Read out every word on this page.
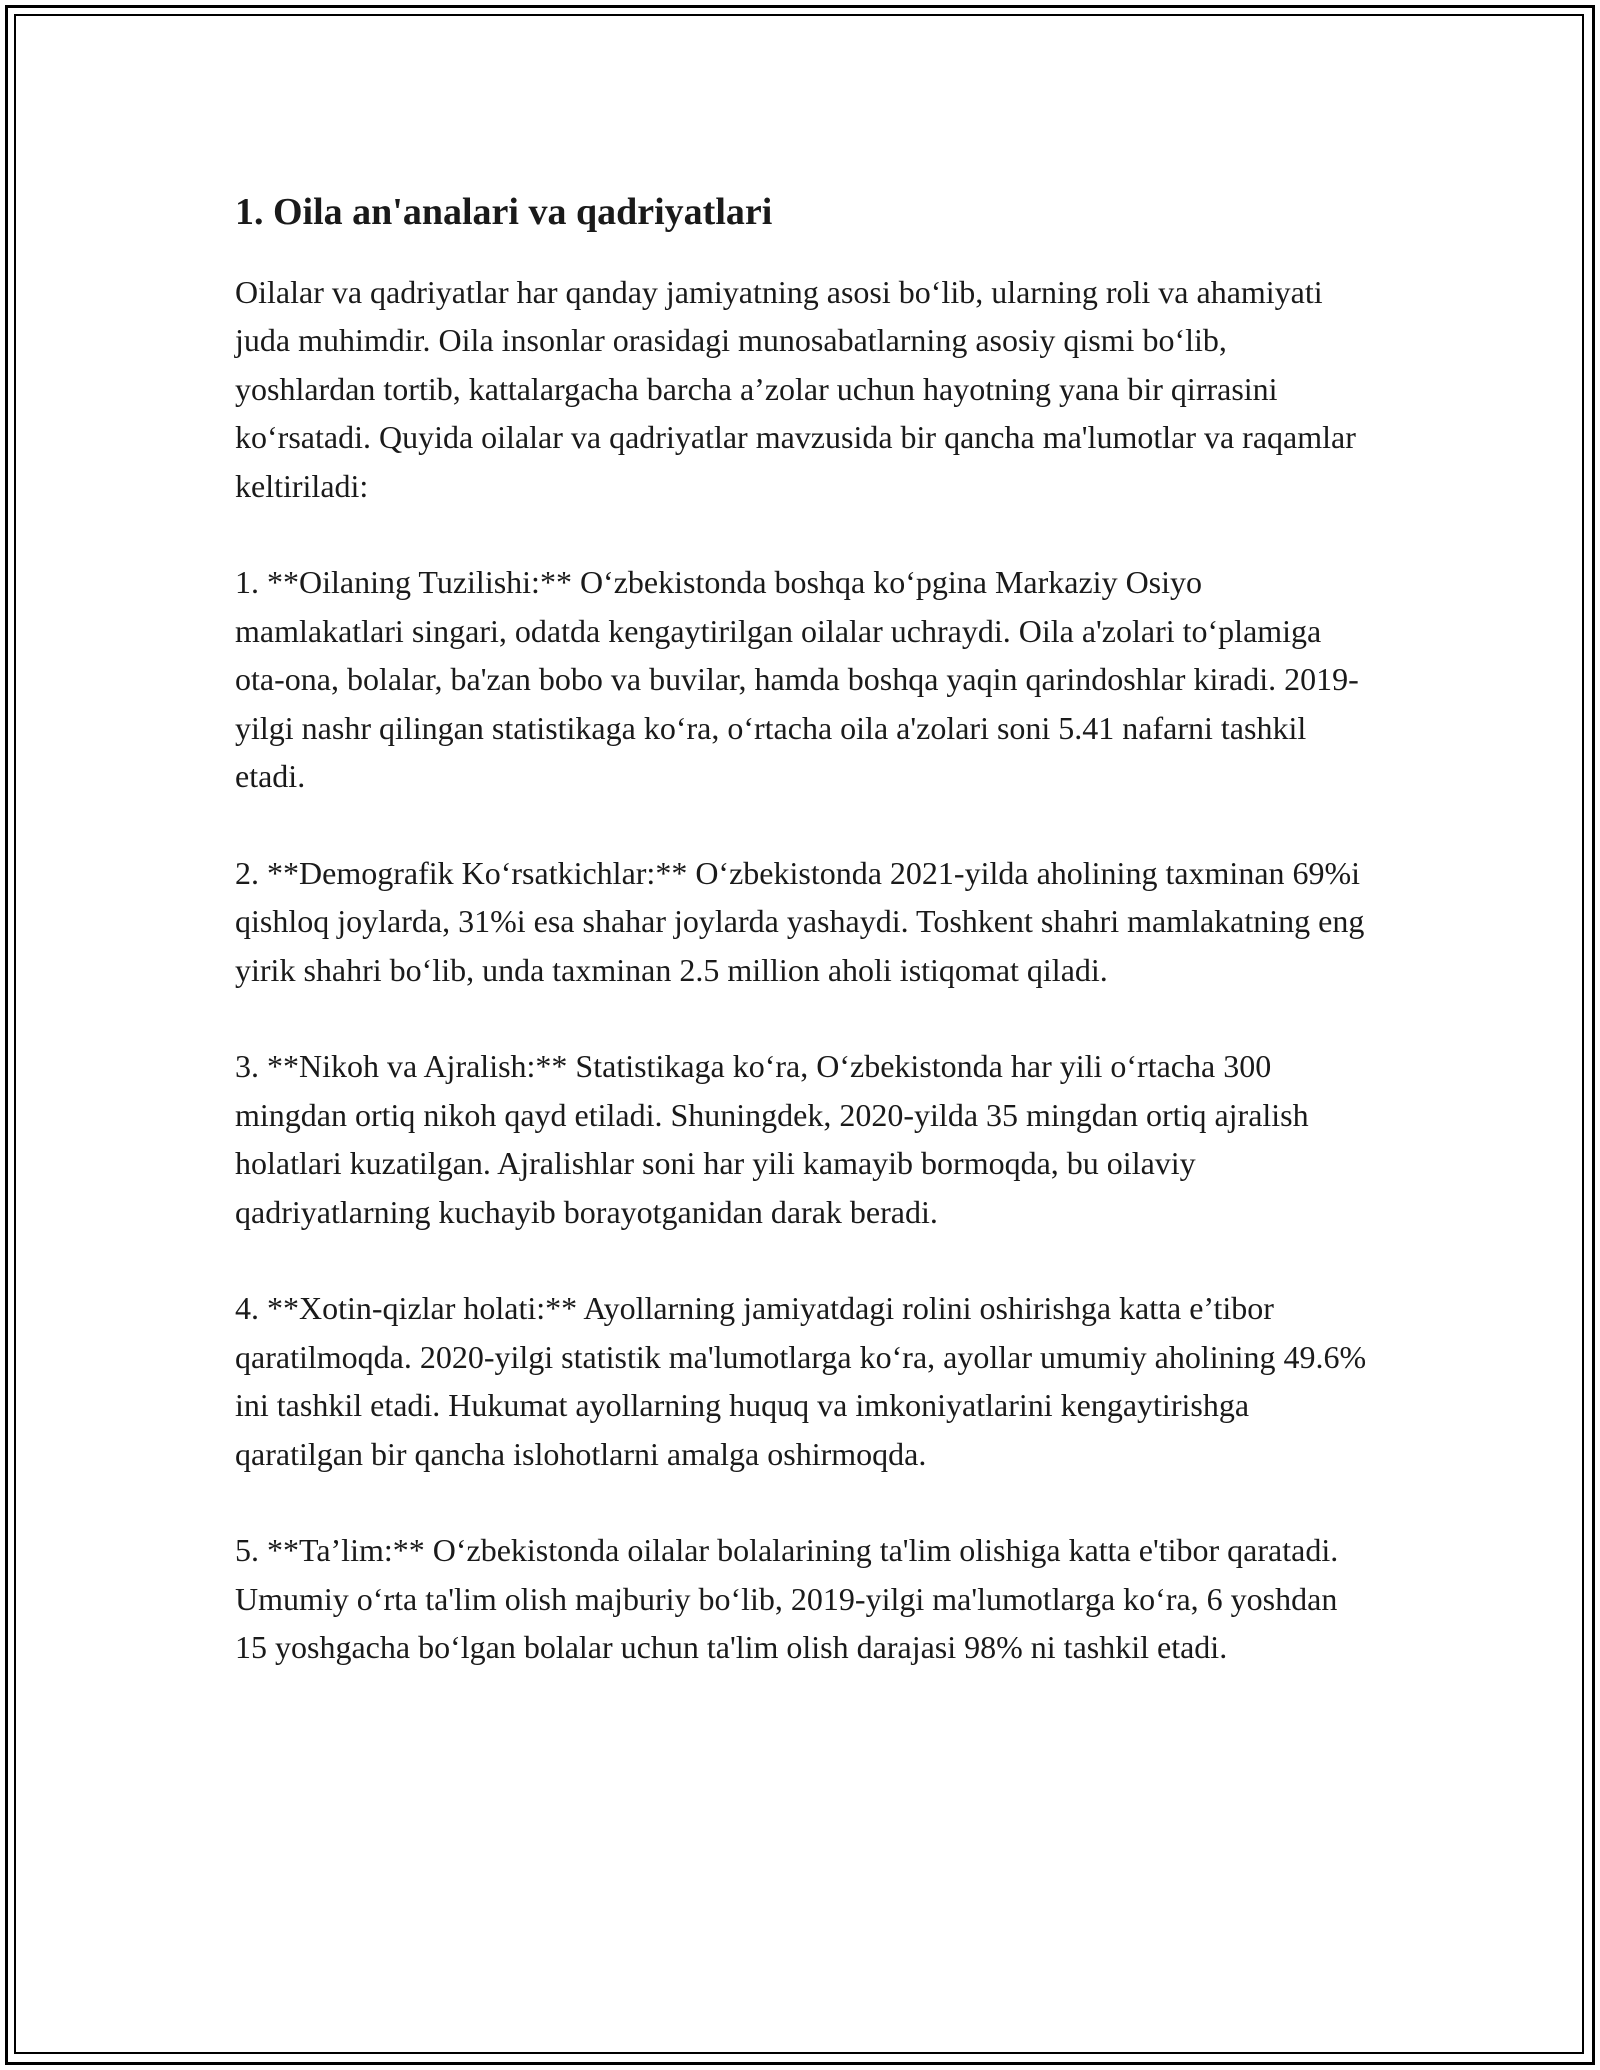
1. Oila an'analari va qadriyatlari

Oilalar va qadriyatlar har qanday jamiyatning asosi boʻlib, ularning roli va ahamiyati juda muhimdir. Oila insonlar orasidagi munosabatlarning asosiy qismi boʻlib, yoshlardan tortib, kattalargacha barcha a’zolar uchun hayotning yana bir qirrasini koʻrsatadi. Quyida oilalar va qadriyatlar mavzusida bir qancha ma'lumotlar va raqamlar keltiriladi:

1. **Oilaning Tuzilishi:** Oʻzbekistonda boshqa koʻpgina Markaziy Osiyo mamlakatlari singari, odatda kengaytirilgan oilalar uchraydi. Oila a'zolari toʻplamiga ota-ona, bolalar, ba'zan bobo va buvilar, hamda boshqa yaqin qarindoshlar kiradi. 2019-yilgi nashr qilingan statistikaga koʻra, oʻrtacha oila a'zolari soni 5.41 nafarni tashkil etadi.

2. **Demografik Koʻrsatkichlar:** Oʻzbekistonda 2021-yilda aholining taxminan 69%i qishloq joylarda, 31%i esa shahar joylarda yashaydi. Toshkent shahri mamlakatning eng yirik shahri boʻlib, unda taxminan 2.5 million aholi istiqomat qiladi.

3. **Nikoh va Ajralish:** Statistikaga koʻra, Oʻzbekistonda har yili oʻrtacha 300 mingdan ortiq nikoh qayd etiladi. Shuningdek, 2020-yilda 35 mingdan ortiq ajralish holatlari kuzatilgan. Ajralishlar soni har yili kamayib bormoqda, bu oilaviy qadriyatlarning kuchayib borayotganidan darak beradi.

4. **Xotin-qizlar holati:** Ayollarning jamiyatdagi rolini oshirishga katta e’tibor qaratilmoqda. 2020-yilgi statistik ma'lumotlarga koʻra, ayollar umumiy aholining 49.6% ini tashkil etadi. Hukumat ayollarning huquq va imkoniyatlarini kengaytirishga qaratilgan bir qancha islohotlarni amalga oshirmoqda.

5. **Ta’lim:** Oʻzbekistonda oilalar bolalarining ta'lim olishiga katta e'tibor qaratadi. Umumiy oʻrta ta'lim olish majburiy boʻlib, 2019-yilgi ma'lumotlarga koʻra, 6 yoshdan 15 yoshgacha boʻlgan bolalar uchun ta'lim olish darajasi 98% ni tashkil etadi.
